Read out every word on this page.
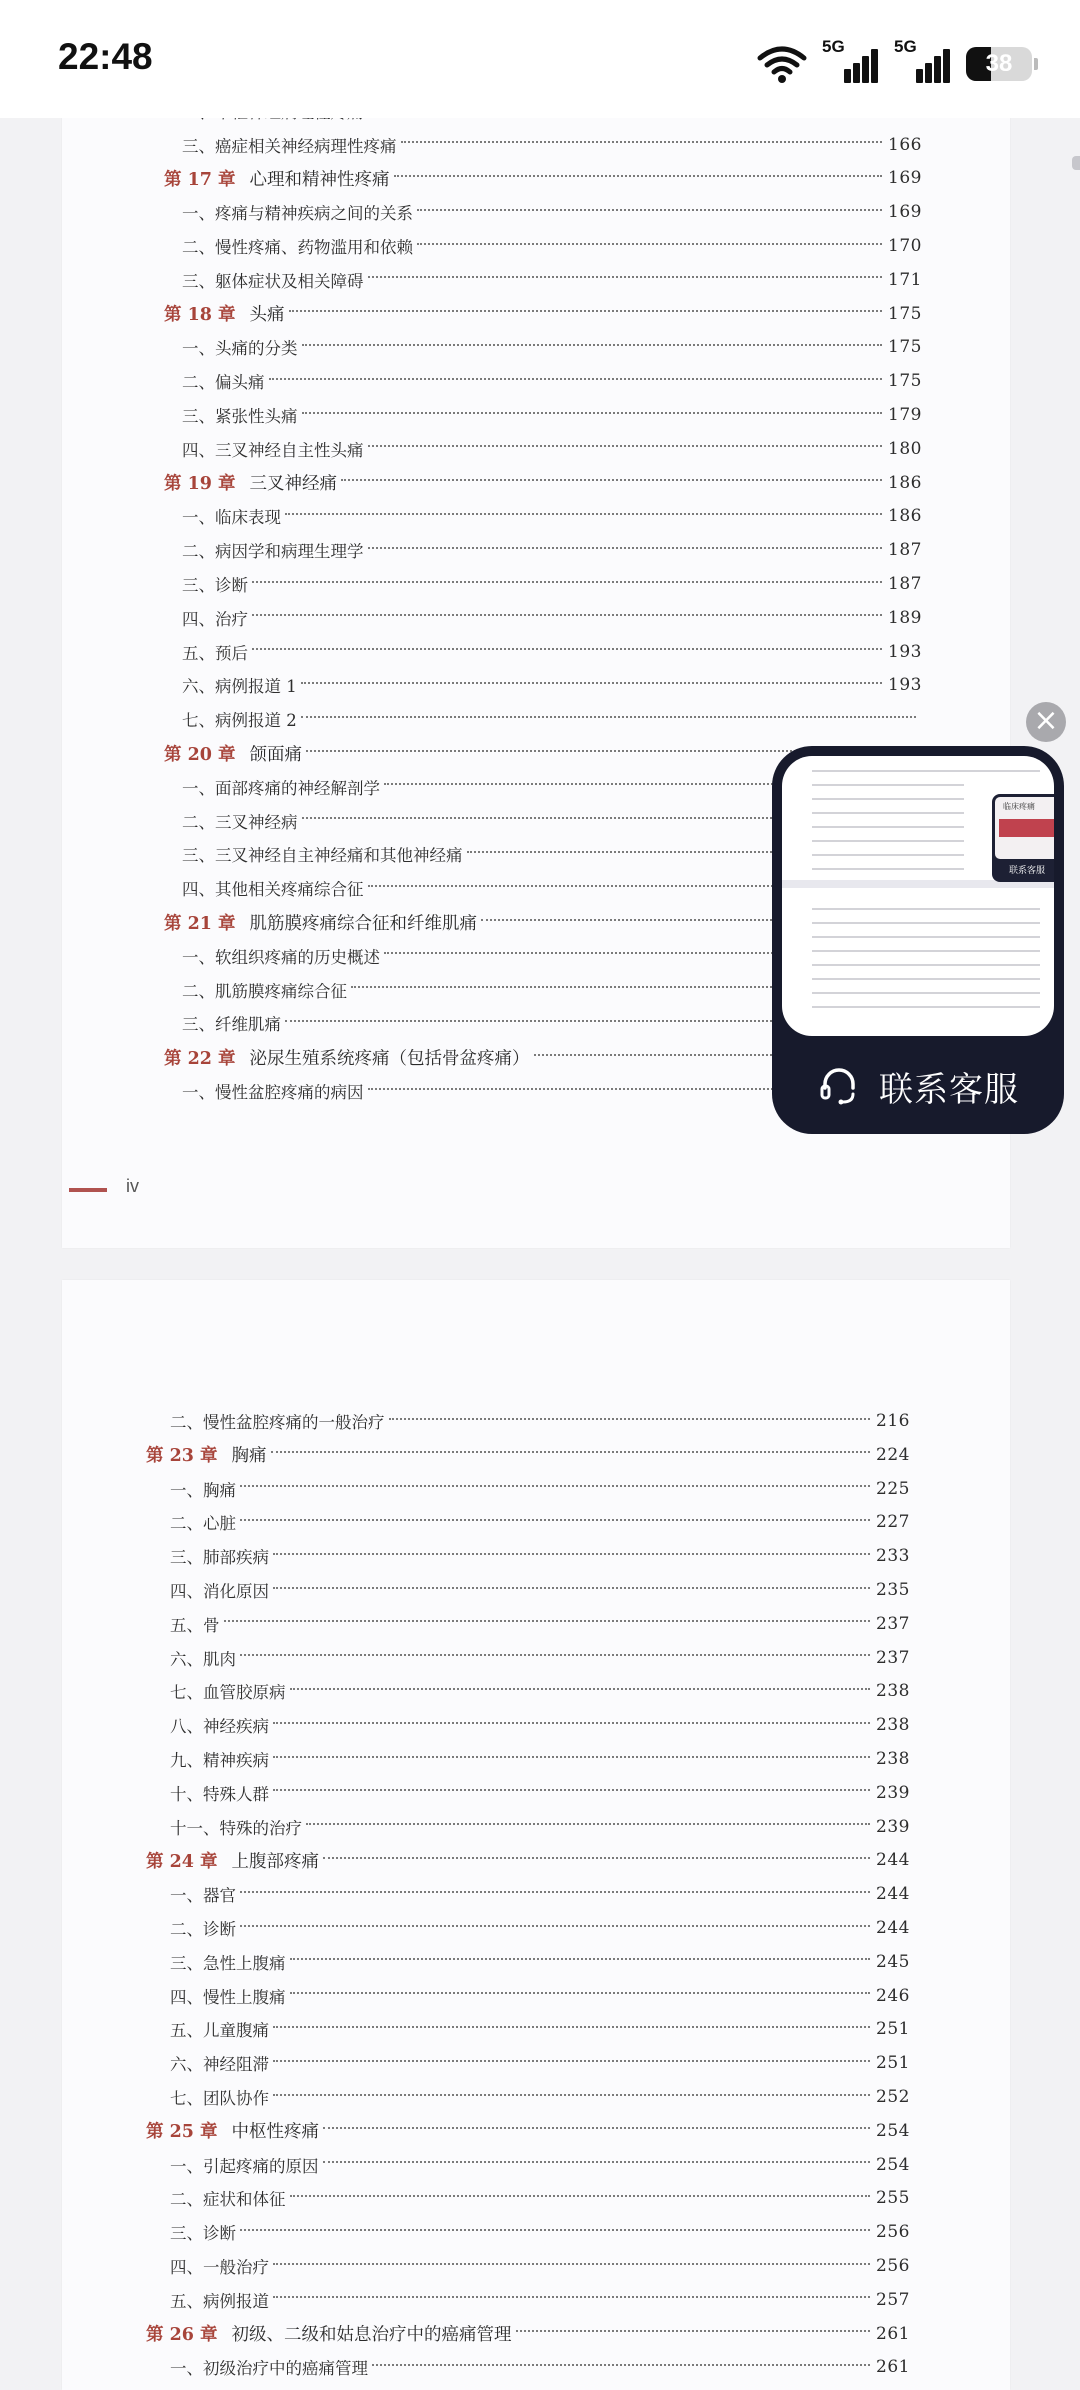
22:48	5G	5G
38
iv
三、癌症相关神经病理性疼痛	166
第 17 章 心理和精神性疼痛	169
一、疼痛与精神疾病之间的关系	169
二、慢性疼痛、药物滥用和依赖	170
三、躯体症状及相关障碍	171
第 18 章 头痛	175
一、头痛的分类	175
二、偏头痛	175
三、紧张性头痛	179
四、三叉神经自主性头痛	180
第 19 章 三叉神经痛	186
一、临床表现	186
二、病因学和病理生理学	187
三、诊断	187
四、治疗	189
五、预后	193
六、病例报道 1	193
七、病例报道 2
第 20 章 颌面痛
一、面部疼痛的神经解剖学
二、三叉神经病
三、三叉神经自主神经痛和其他神经痛
四、其他相关疼痛综合征
第 21 章 肌筋膜疼痛综合征和纤维肌痛
一、软组织疼痛的历史概述
二、肌筋膜疼痛综合征
三、纤维肌痛
第 22 章 泌尿生殖系统疼痛（包括骨盆疼痛）
一、慢性盆腔疼痛的病因
二、慢性盆腔疼痛的一般治疗	216
第 23 章 胸痛	224
一、胸痛	225
二、心脏	227
三、肺部疾病	233
四、消化原因	235
五、骨	237
六、肌肉	237
七、血管胶原病	238
八、神经疾病	238
九、精神疾病	238
十、特殊人群	239
十一、特殊的治疗	239
第 24 章 上腹部疼痛	244
一、器官	244
二、诊断	244
三、急性上腹痛	245
四、慢性上腹痛	246
五、儿童腹痛	251
六、神经阻滞	251
七、团队协作	252
第 25 章 中枢性疼痛	254
一、引起疼痛的原因	254
二、症状和体征	255
三、诊断	256
四、一般治疗	256
五、病例报道	257
第 26 章 初级、二级和姑息治疗中的癌痛管理	261
一、初级治疗中的癌痛管理	261
×
临床疼痛
联系客服
联系客服
